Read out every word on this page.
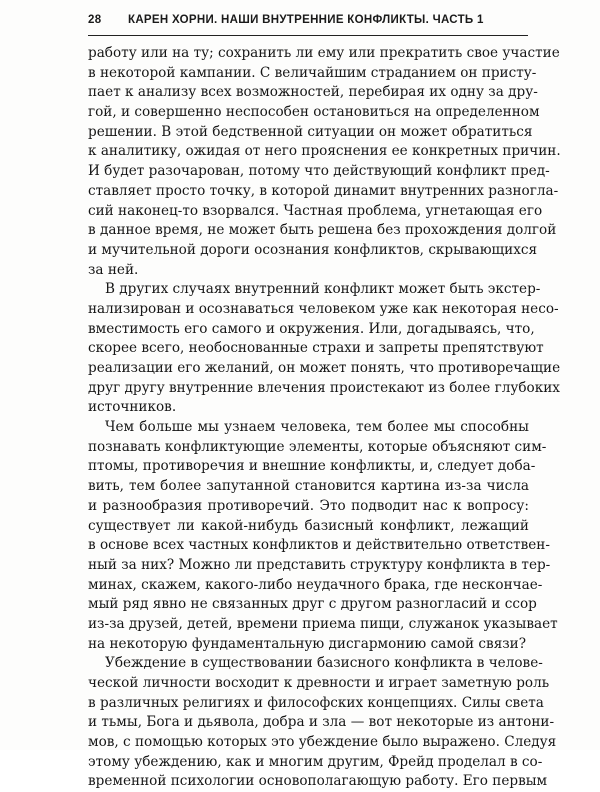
28 КАРЕН ХОРНИ. НАШИ ВНУТРЕННИЕ КОНФЛИКТЫ. ЧАСТЬ 1
работу или на ту; сохранить ли ему или прекратить свое участие
в некоторой кампании. С величайшим страданием он присту-
пает к анализу всех возможностей, перебирая их одну за дру-
гой, и совершенно неспособен остановиться на определенном
решении. В этой бедственной ситуации он может обратиться
к аналитику, ожидая от него прояснения ее конкретных причин.
И будет разочарован, потому что действующий конфликт пред-
ставляет просто точку, в которой динамит внутренних разногла-
сий наконец-то взорвался. Частная проблема, угнетающая его
в данное время, не может быть решена без прохождения долгой
и мучительной дороги осознания конфликтов, скрывающихся
за ней.
В других случаях внутренний конфликт может быть экстер-
нализирован и осознаваться человеком уже как некоторая несо-
вместимость его самого и окружения. Или, догадываясь, что,
скорее всего, необоснованные страхи и запреты препятствуют
реализации его желаний, он может понять, что противоречащие
друг другу внутренние влечения проистекают из более глубоких
источников.
Чем больше мы узнаем человека, тем более мы способны
познавать конфликтующие элементы, которые объясняют сим-
птомы, противоречия и внешние конфликты, и, следует доба-
вить, тем более запутанной становится картина из-за числа
и разнообразия противоречий. Это подводит нас к вопросу:
существует ли какой-нибудь базисный конфликт, лежащий
в основе всех частных конфликтов и действительно ответствен-
ный за них? Можно ли представить структуру конфликта в тер-
минах, скажем, какого-либо неудачного брака, где нескончае-
мый ряд явно не связанных друг с другом разногласий и ссор
из-за друзей, детей, времени приема пищи, служанок указывает
на некоторую фундаментальную дисгармонию самой связи?
Убеждение в существовании базисного конфликта в челове-
ческой личности восходит к древности и играет заметную роль
в различных религиях и философских концепциях. Силы света
и тьмы, Бога и дьявола, добра и зла — вот некоторые из антони-
мов, с помощью которых это убеждение было выражено. Следуя
этому убеждению, как и многим другим, Фрейд проделал в со-
временной психологии основополагающую работу. Его первым
